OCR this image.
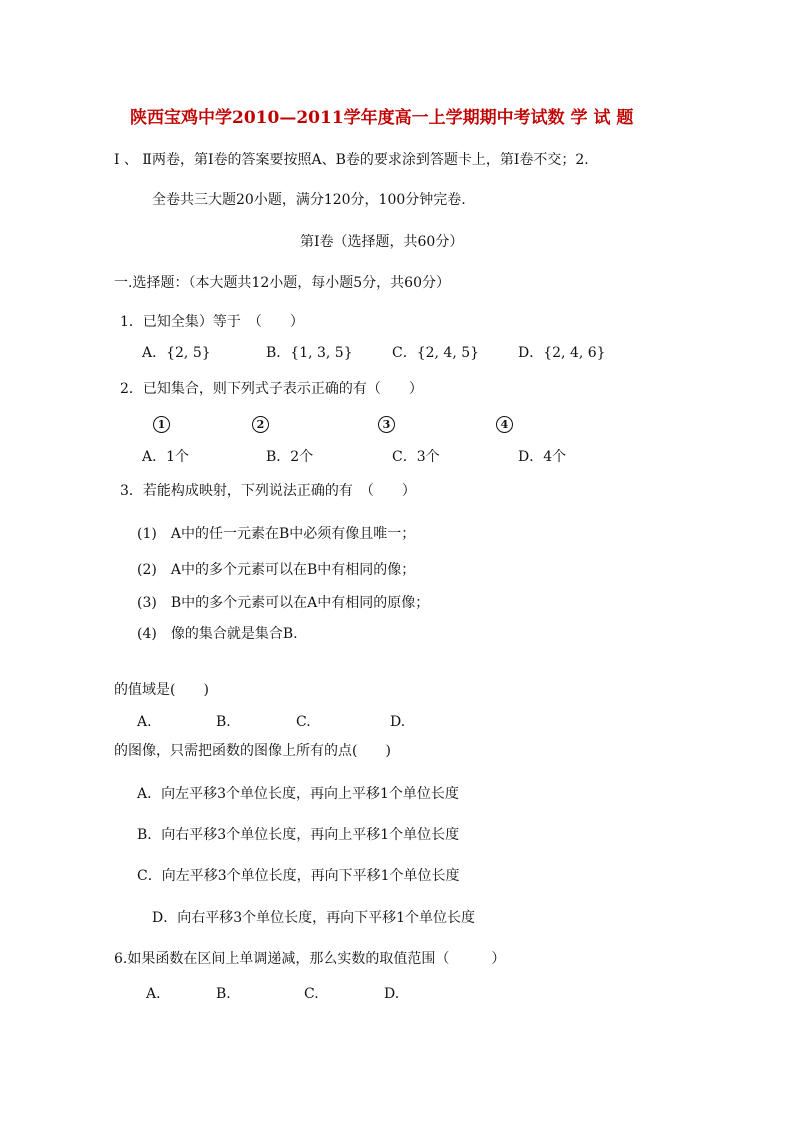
陕西宝鸡中学2010—2011学年度高一上学期期中考试数 学 试 题
Ⅰ 、 Ⅱ两卷，第Ⅰ卷的答案要按照A、B卷的要求涂到答题卡上，第Ⅰ卷不交；2.
全卷共三大题20小题，满分120分，100分钟完卷.
第Ⅰ卷（选择题，共60分）
一.选择题：（本大题共12小题，每小题5分，共60分）
1．已知全集）等于　（　　）
A．{2, 5}	B．{1, 3, 5}	C．{2, 4, 5}	D．{2, 4, 6}
2．已知集合，则下列式子表示正确的有（　　）
1	2	3	4
A．1个	B．2个	C．3个	D．4个
3．若能构成映射，下列说法正确的有　（　　）
(1)　A中的任一元素在B中必须有像且唯一；
(2)　A中的多个元素可以在B中有相同的像；
(3)　B中的多个元素可以在A中有相同的原像；
(4)　像的集合就是集合B.
的值域是(　　)
A.	B.	C.	D.
的图像，只需把函数的图像上所有的点(　　)
A．向左平移3个单位长度，再向上平移1个单位长度
B．向右平移3个单位长度，再向上平移1个单位长度
C．向左平移3个单位长度，再向下平移1个单位长度
D．向右平移3个单位长度，再向下平移1个单位长度
6.如果函数在区间上单调递减，那么实数的取值范围（　　　）
A.	B.	C.	D.
